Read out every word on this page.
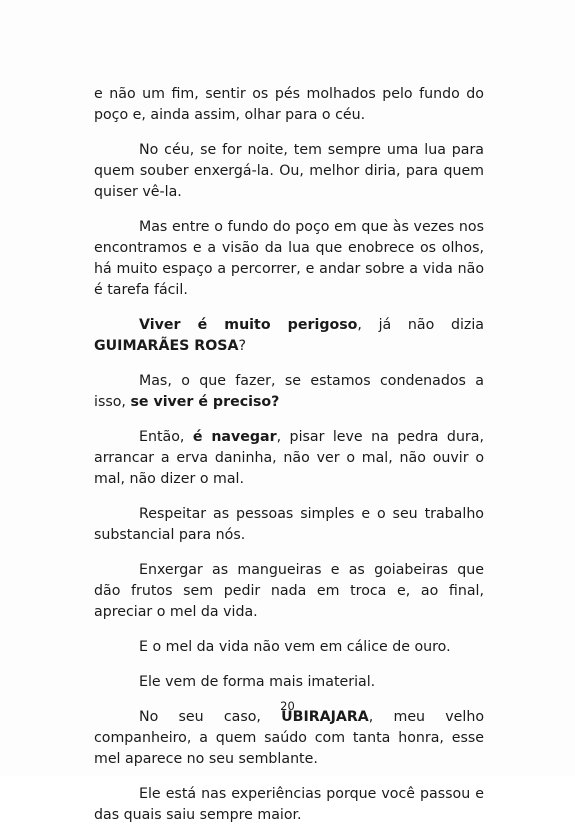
e não um fim, sentir os pés molhados pelo fundo do poço e, ainda assim, olhar para o céu.

No céu, se for noite, tem sempre uma lua para quem souber enxergá-la. Ou, melhor diria, para quem quiser vê-la.

Mas entre o fundo do poço em que às vezes nos encontramos e a visão da lua que enobrece os olhos, há muito espaço a percorrer, e andar sobre a vida não é tarefa fácil.

Viver é muito perigoso, já não dizia GUIMARÃES ROSA?

Mas, o que fazer, se estamos condenados a isso, se viver é preciso?

Então, é navegar, pisar leve na pedra dura, arrancar a erva daninha, não ver o mal, não ouvir o mal, não dizer o mal.

Respeitar as pessoas simples e o seu trabalho substancial para nós.

Enxergar as mangueiras e as goiabeiras que dão frutos sem pedir nada em troca e, ao final, apreciar o mel da vida.

E o mel da vida não vem em cálice de ouro.

Ele vem de forma mais imaterial.

No seu caso, UBIRAJARA, meu velho companheiro, a quem saúdo com tanta honra, esse mel aparece no seu semblante.

Ele está nas experiências porque você passou e das quais saiu sempre maior.

20
